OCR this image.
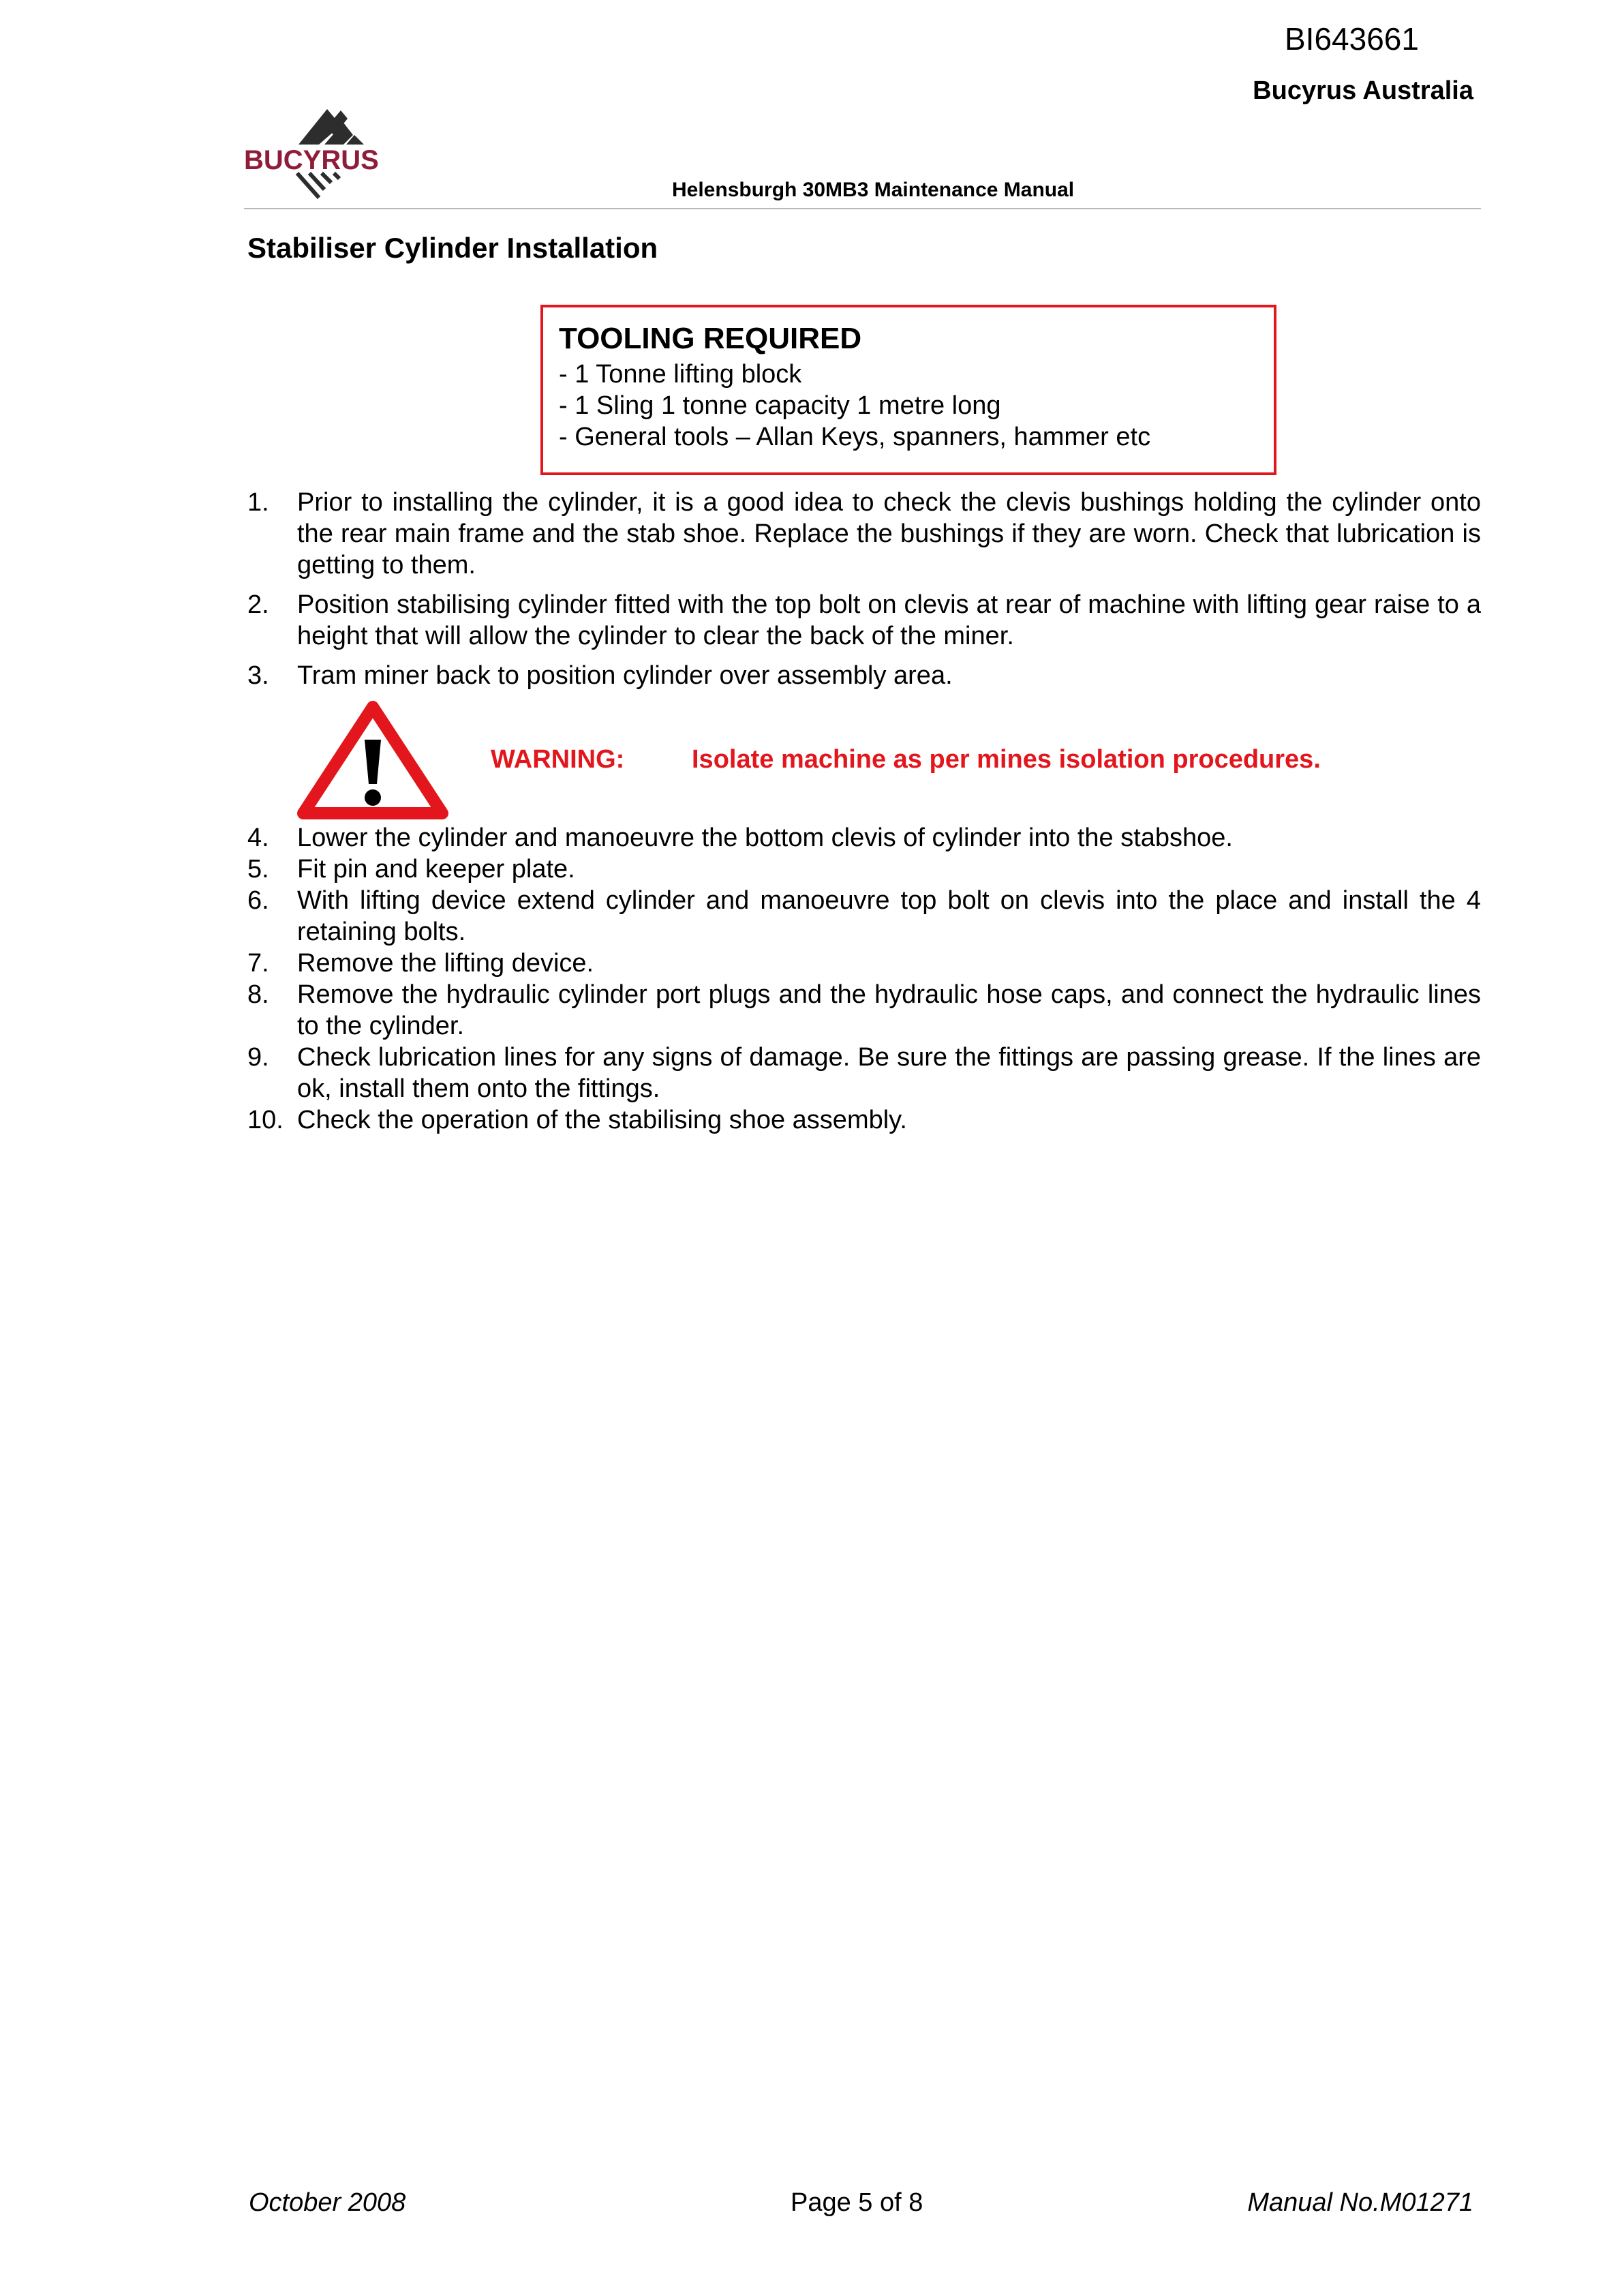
BI643661
Bucyrus Australia
BUCYRUS
Helensburgh 30MB3 Maintenance Manual
Stabiliser Cylinder Installation
TOOLING REQUIRED
- 1 Tonne lifting block
- 1 Sling 1 tonne capacity 1 metre long
- General tools – Allan Keys, spanners, hammer etc
1.	Prior to installing the cylinder, it is a good idea to check the clevis bushings holding the cylinder onto the rear main frame and the stab shoe. Replace the bushings if they are worn. Check that lubrication is getting to them.
2.	Position stabilising cylinder fitted with the top bolt on clevis at rear of machine with lifting gear raise to a height that will allow the cylinder to clear the back of the miner.
3.	Tram miner back to position cylinder over assembly area.
WARNING:	Isolate machine as per mines isolation procedures.
4.	Lower the cylinder and manoeuvre the bottom clevis of cylinder into the stabshoe.
5.	Fit pin and keeper plate.
6.	With lifting device extend cylinder and manoeuvre top bolt on clevis into the place and install the 4 retaining bolts.
7.	Remove the lifting device.
8.	Remove the hydraulic cylinder port plugs and the hydraulic hose caps, and connect the hydraulic lines to the cylinder.
9.	Check lubrication lines for any signs of damage. Be sure the fittings are passing grease. If the lines are ok, install them onto the fittings.
10. Check the operation of the stabilising shoe assembly.
October 2008	Page 5 of 8	Manual No.M01271
